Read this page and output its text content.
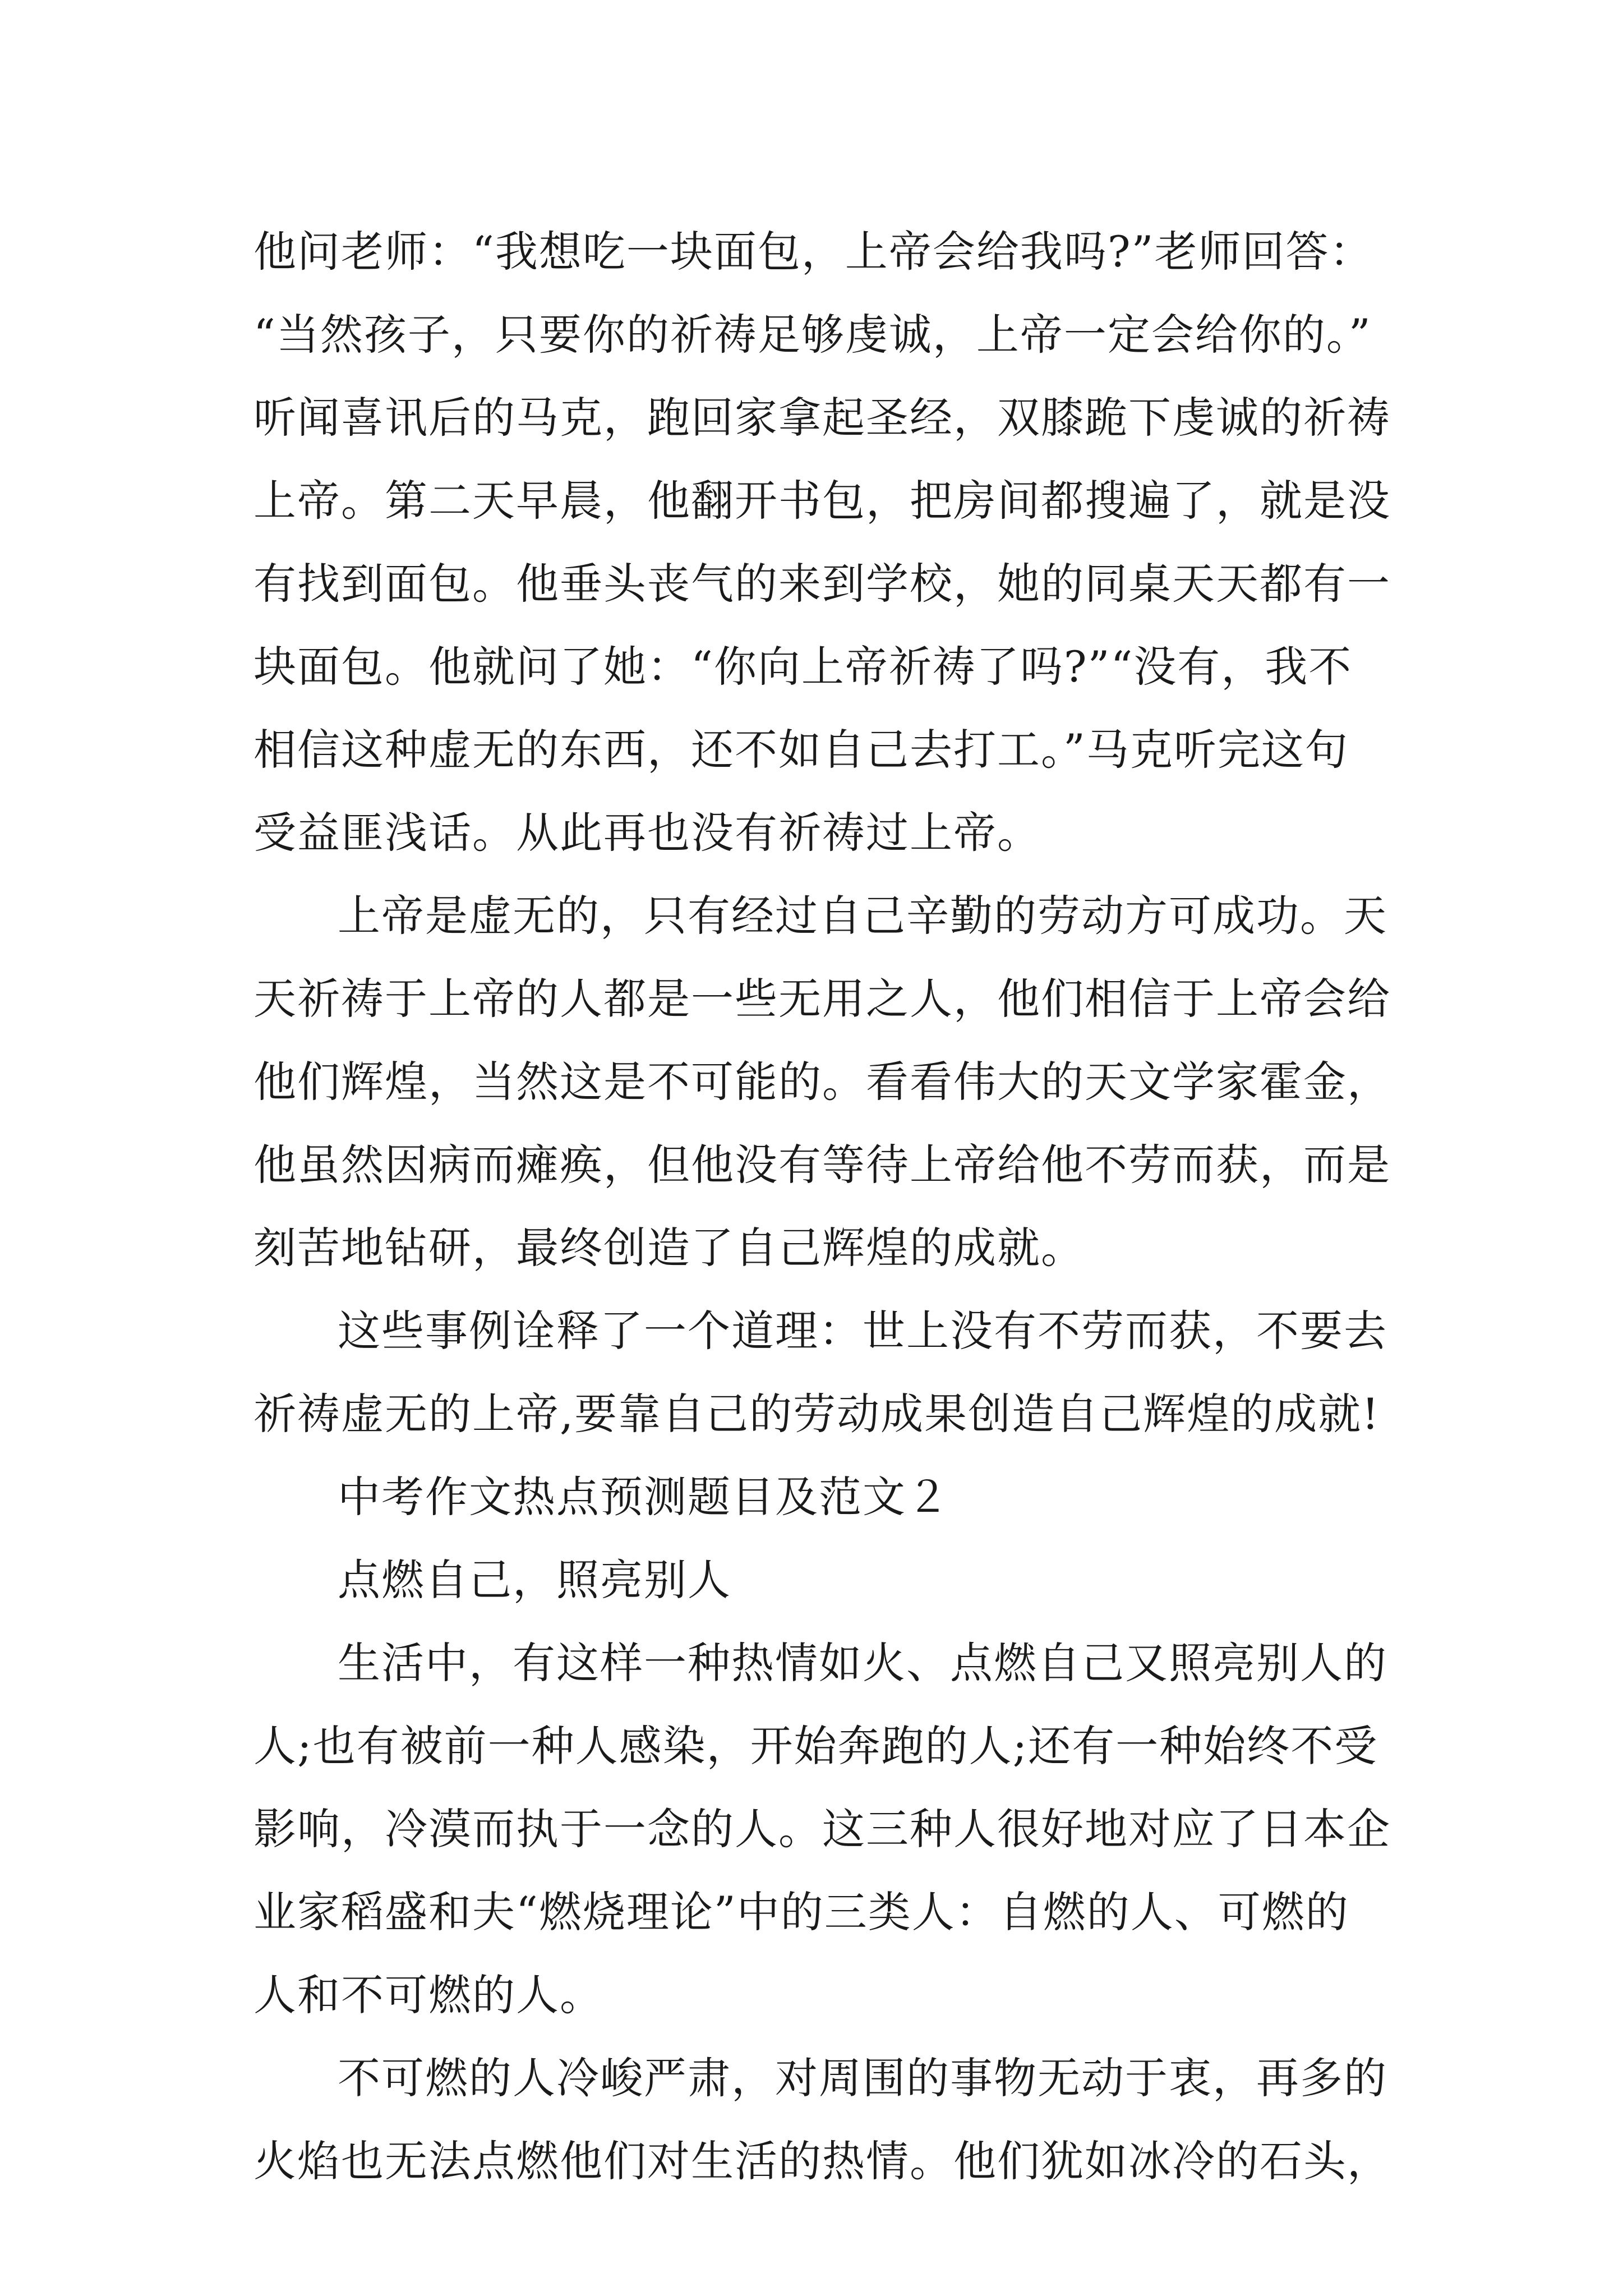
他问老师：“我想吃一块面包，上帝会给我吗?”老师回答：
“当然孩子，只要你的祈祷足够虔诚，上帝一定会给你的。”
听闻喜讯后的马克，跑回家拿起圣经，双膝跪下虔诚的祈祷
上帝。第二天早晨，他翻开书包，把房间都搜遍了，就是没
有找到面包。他垂头丧气的来到学校，她的同桌天天都有一
块面包。他就问了她：“你向上帝祈祷了吗?”“没有，我不
相信这种虚无的东西，还不如自己去打工。”马克听完这句
受益匪浅话。从此再也没有祈祷过上帝。
上帝是虚无的，只有经过自己辛勤的劳动方可成功。天
天祈祷于上帝的人都是一些无用之人，他们相信于上帝会给
他们辉煌，当然这是不可能的。看看伟大的天文学家霍金，
他虽然因病而瘫痪，但他没有等待上帝给他不劳而获，而是
刻苦地钻研，最终创造了自己辉煌的成就。
这些事例诠释了一个道理：世上没有不劳而获，不要去
祈祷虚无的上帝,要靠自己的劳动成果创造自己辉煌的成就!
中考作文热点预测题目及范文２
点燃自己，照亮别人
生活中，有这样一种热情如火、点燃自己又照亮别人的
人;也有被前一种人感染，开始奔跑的人;还有一种始终不受
影响，冷漠而执于一念的人。这三种人很好地对应了日本企
业家稻盛和夫“燃烧理论”中的三类人：自燃的人、可燃的
人和不可燃的人。
不可燃的人冷峻严肃，对周围的事物无动于衷，再多的
火焰也无法点燃他们对生活的热情。他们犹如冰冷的石头，
